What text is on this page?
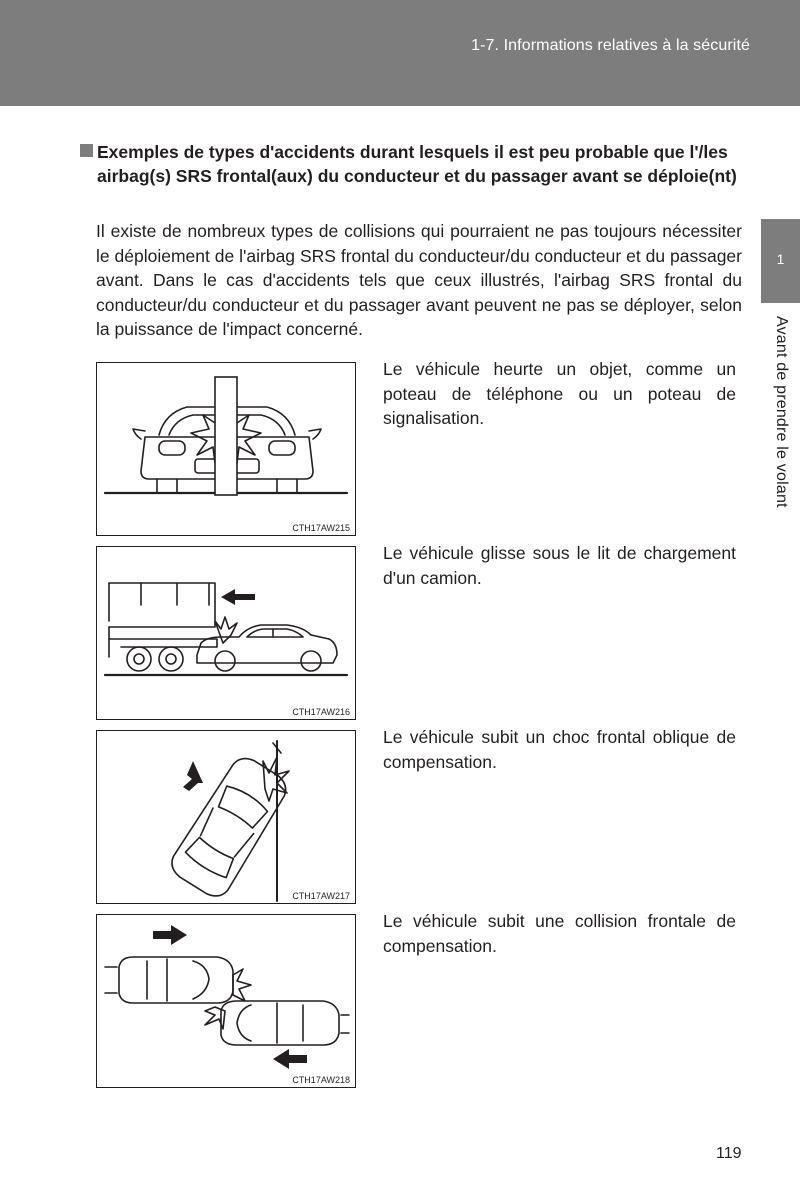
1-7. Informations relatives à la sécurité
1
Avant de prendre le volant
Exemples de types d'accidents durant lesquels il est peu probable que l'/les airbag(s) SRS frontal(aux) du conducteur et du passager avant se déploie(nt)
Il existe de nombreux types de collisions qui pourraient ne pas toujours nécessiter le déploiement de l'airbag SRS frontal du conducteur/du conducteur et du passager avant. Dans le cas d'accidents tels que ceux illustrés, l'airbag SRS frontal du conducteur/du conducteur et du passager avant peuvent ne pas se déployer, selon la puissance de l'impact concerné.
CTH17AW215
Le véhicule heurte un objet, comme un poteau de téléphone ou un poteau de signalisation.
CTH17AW216
Le véhicule glisse sous le lit de chargement d'un camion.
CTH17AW217
Le véhicule subit un choc frontal oblique de compensation.
CTH17AW218
Le véhicule subit une collision frontale de compensation.
119
